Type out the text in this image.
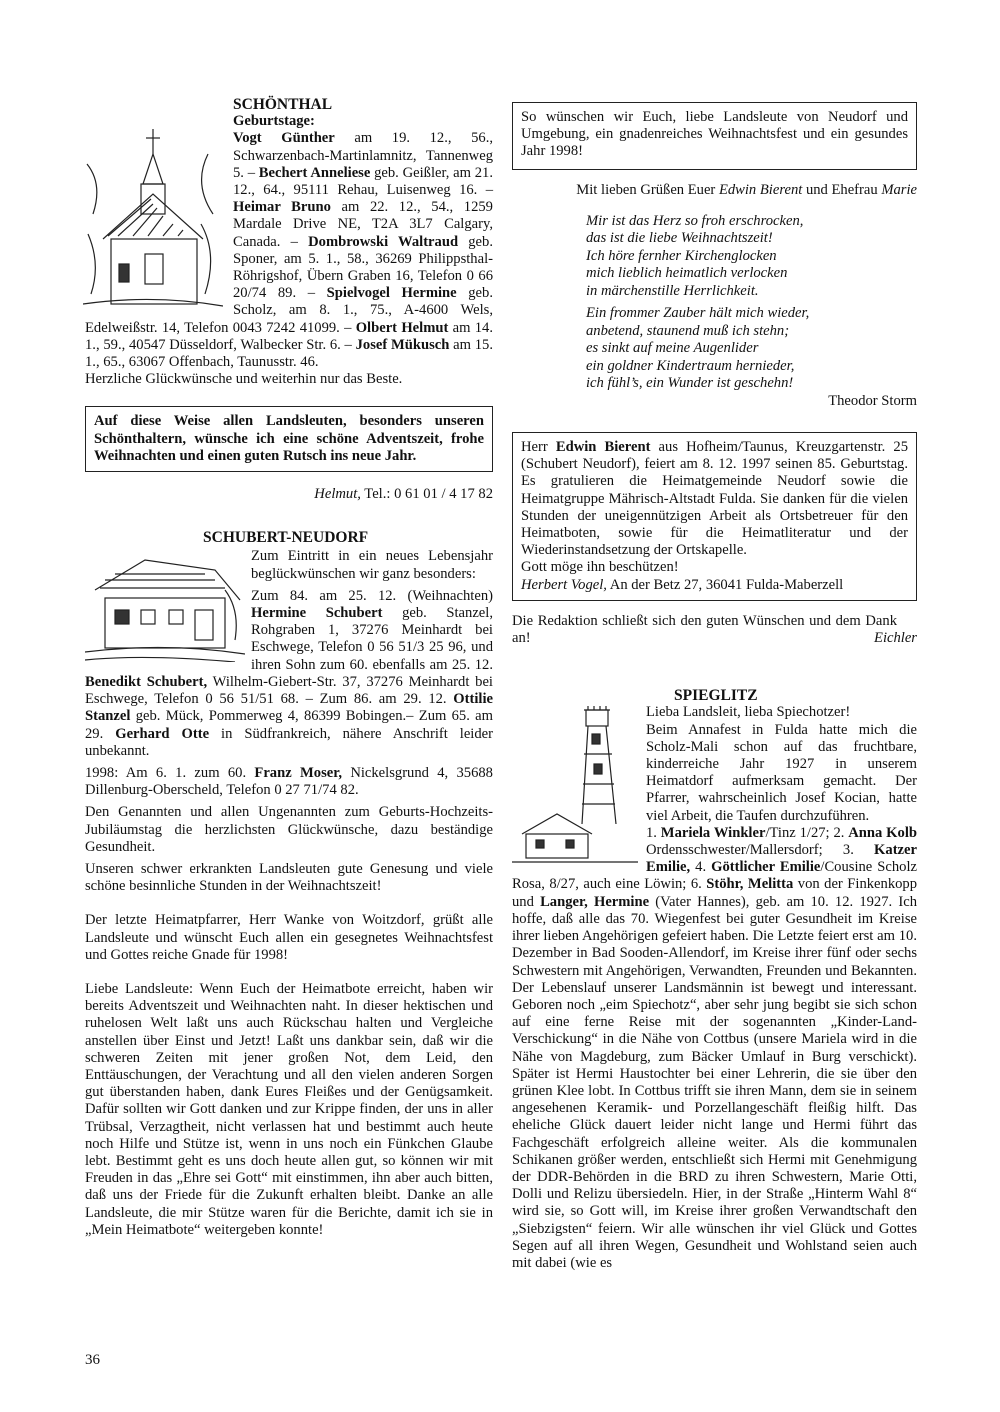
SCHÖNTHAL

Geburtstage:

Vogt Günther am 19. 12., 56., Schwarzenbach-Martinlamnitz, Tannenweg 5. – Bechert Anneliese geb. Geißler, am 21. 12., 64., 95111 Rehau, Luisenweg 16. – Heimar Bruno am 22. 12., 54., 1259 Mardale Drive NE, T2A 3L7 Calgary, Canada. – Dombrowski Waltraud geb. Sponer, am 5. 1., 58., 36269 Philippsthal-Röhrigshof, Übern Graben 16, Telefon 0 66 20/74 89. – Spielvogel Hermine geb. Scholz, am 8. 1., 75., A-4600 Wels, Edelweißstr. 14, Telefon 0043 7242 41099. – Olbert Helmut am 14. 1., 59., 40547 Düsseldorf, Walbecker Str. 6. – Josef Mükusch am 15. 1., 65., 63067 Offenbach, Taunusstr. 46.

Herzliche Glückwünsche und weiterhin nur das Beste.

Auf diese Weise allen Landsleuten, besonders unseren Schönthaltern, wünsche ich eine schöne Adventszeit, frohe Weihnachten und einen guten Rutsch ins neue Jahr.

Helmut, Tel.: 0 61 01 / 4 17 82

SCHUBERT-NEUDORF

Zum Eintritt in ein neues Lebensjahr beglückwünschen wir ganz besonders:

Zum 84. am 25. 12. (Weihnachten) Hermine Schubert geb. Stanzel, Rohgraben 1, 37276 Meinhardt bei Eschwege, Telefon 0 56 51/3 25 96, und ihren Sohn zum 60. ebenfalls am 25. 12. Benedikt Schubert, Wilhelm-Giebert-Str. 37, 37276 Meinhardt bei Eschwege, Telefon 0 56 51/51 68. – Zum 86. am 29. 12. Ottilie Stanzel geb. Mück, Pommerweg 4, 86399 Bobingen.– Zum 65. am 29. Gerhard Otte in Südfrankreich, nähere Anschrift leider unbekannt.

1998: Am 6. 1. zum 60. Franz Moser, Nickelsgrund 4, 35688 Dillenburg-Oberscheld, Telefon 0 27 71/74 82.

Den Genannten und allen Ungenannten zum Geburts-Hochzeits-Jubiläumstag die herzlichsten Glückwünsche, dazu beständige Gesundheit.

Unseren schwer erkrankten Landsleuten gute Genesung und viele schöne besinnliche Stunden in der Weihnachtszeit!

Der letzte Heimatpfarrer, Herr Wanke von Woitzdorf, grüßt alle Landsleute und wünscht Euch allen ein gesegnetes Weihnachtsfest und Gottes reiche Gnade für 1998!

Liebe Landsleute: Wenn Euch der Heimatbote erreicht, haben wir bereits Adventszeit und Weihnachten naht. In dieser hektischen und ruhelosen Welt laßt uns auch Rückschau halten und Vergleiche anstellen über Einst und Jetzt! Laßt uns dankbar sein, daß wir die schweren Zeiten mit jener großen Not, dem Leid, den Enttäuschungen, der Verachtung und all den vielen anderen Sorgen gut überstanden haben, dank Eures Fleißes und der Genügsamkeit. Dafür sollten wir Gott danken und zur Krippe finden, der uns in aller Trübsal, Verzagtheit, nicht verlassen hat und bestimmt auch heute noch Hilfe und Stütze ist, wenn in uns noch ein Fünkchen Glaube lebt. Bestimmt geht es uns doch heute allen gut, so können wir mit Freuden in das „Ehre sei Gott“ mit einstimmen, ihn aber auch bitten, daß uns der Friede für die Zukunft erhalten bleibt. Danke an alle Landsleute, die mir Stütze waren für die Berichte, damit ich sie in „Mein Heimatbote“ weitergeben konnte!

So wünschen wir Euch, liebe Landsleute von Neudorf und Umgebung, ein gnadenreiches Weihnachtsfest und ein gesundes Jahr 1998!

Mit lieben Grüßen Euer Edwin Bierent und Ehefrau Marie

Mir ist das Herz so froh erschrocken,
das ist die liebe Weihnachtszeit!
Ich höre fernher Kirchenglocken
mich lieblich heimatlich verlocken
in märchenstille Herrlichkeit.
Ein frommer Zauber hält mich wieder,
anbetend, staunend muß ich stehn;
es sinkt auf meine Augenlider
ein goldner Kindertraum hernieder,
ich fühl’s, ein Wunder ist geschehn!

Theodor Storm

Herr Edwin Bierent aus Hofheim/Taunus, Kreuzgartenstr. 25 (Schubert Neudorf), feiert am 8. 12. 1997 seinen 85. Geburtstag. Es gratulieren die Heimatgemeinde Neudorf sowie die Heimatgruppe Mährisch-Altstadt Fulda. Sie danken für die vielen Stunden der uneigennützigen Arbeit als Ortsbetreuer für den Heimatboten, sowie für die Heimatliteratur und der Wiederinstandsetzung der Ortskapelle.

Gott möge ihn beschützen!

Herbert Vogel, An der Betz 27, 36041 Fulda-Maberzell

Die Redaktion schließt sich den guten Wünschen und dem Dank an!	Eichler

SPIEGLITZ

Lieba Landsleit, lieba Spiechotzer!
Beim Annafest in Fulda hatte mich die Scholz-Mali schon auf das fruchtbare, kinderreiche Jahr 1927 in unserem Heimatdorf aufmerksam gemacht. Der Pfarrer, wahrscheinlich Josef Kocian, hatte viel Arbeit, die Taufen durchzuführen.
1. Mariela Winkler/Tinz 1/27; 2. Anna Kolb Ordensschwester/Mallersdorf; 3. Katzer Emilie, 4. Göttlicher Emilie/Cousine Scholz Rosa, 8/27, auch eine Löwin; 6. Stöhr, Melitta von der Finkenkopp und Langer, Hermine (Vater Hannes), geb. am 10. 12. 1927. Ich hoffe, daß alle das 70. Wiegenfest bei guter Gesundheit im Kreise ihrer lieben Angehörigen gefeiert haben. Die Letzte feiert erst am 10. Dezember in Bad Sooden-Allendorf, im Kreise ihrer fünf oder sechs Schwestern mit Angehörigen, Verwandten, Freunden und Bekannten. Der Lebenslauf unserer Landsmännin ist bewegt und interessant. Geboren noch „eim Spiechotz“, aber sehr jung begibt sie sich schon auf eine ferne Reise mit der sogenannten „Kinder-Land-Verschickung“ in die Nähe von Cottbus (unsere Mariela wird in die Nähe von Magdeburg, zum Bäcker Umlauf in Burg verschickt). Später ist Hermi Haustochter bei einer Lehrerin, die sie über den grünen Klee lobt. In Cottbus trifft sie ihren Mann, dem sie in seinem angesehenen Keramik- und Porzellangeschäft fleißig hilft. Das eheliche Glück dauert leider nicht lange und Hermi führt das Fachgeschäft erfolgreich alleine weiter. Als die kommunalen Schikanen größer werden, entschließt sich Hermi mit Genehmigung der DDR-Behörden in die BRD zu ihren Schwestern, Marie Otti, Dolli und Relizu übersiedeln. Hier, in der Straße „Hinterm Wahl 8“ wird sie, so Gott will, im Kreise ihrer großen Verwandtschaft den „Siebzigsten“ feiern. Wir alle wünschen ihr viel Glück und Gottes Segen auf all ihren Wegen, Gesundheit und Wohlstand seien auch mit dabei (wie es

36
